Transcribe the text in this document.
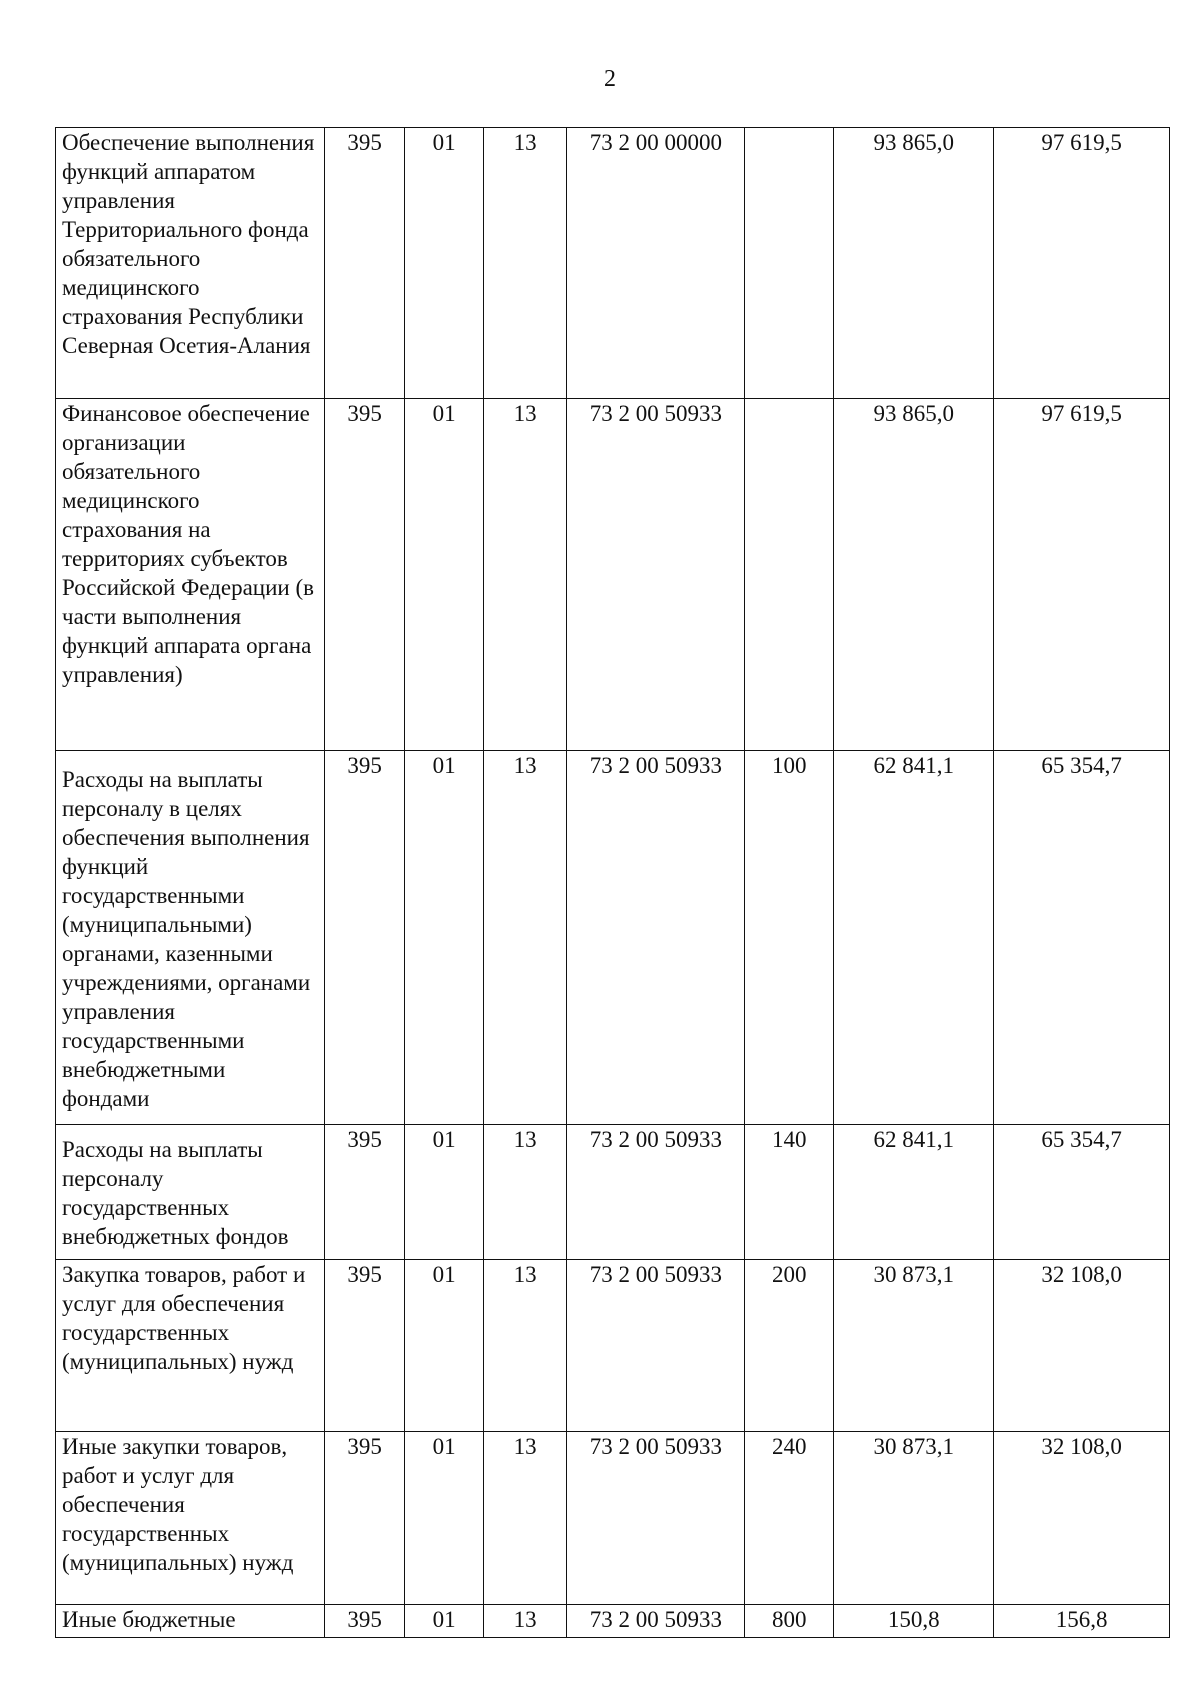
2
Обеспечение выполнения функций аппаратом управления Территориального фонда обязательного медицинского страхования Республики Северная Осетия-Алания	395	01	13	73 2 00 00000		93 865,0	97 619,5
Финансовое обеспечение организации обязательного медицинского страхования на территориях субъектов Российской Федерации (в части выполнения функций аппарата органа управления)	395	01	13	73 2 00 50933		93 865,0	97 619,5
Расходы на выплаты персоналу в целях обеспечения выполнения функций государственными (муниципальными) органами, казенными учреждениями, органами управления государственными внебюджетными фондами	395	01	13	73 2 00 50933	100	62 841,1	65 354,7
Расходы на выплаты персоналу государственных внебюджетных фондов	395	01	13	73 2 00 50933	140	62 841,1	65 354,7
Закупка товаров, работ и услуг для обеспечения государственных (муниципальных) нужд	395	01	13	73 2 00 50933	200	30 873,1	32 108,0
Иные закупки товаров, работ и услуг для обеспечения государственных (муниципальных) нужд	395	01	13	73 2 00 50933	240	30 873,1	32 108,0
Иные бюджетные	395	01	13	73 2 00 50933	800	150,8	156,8
